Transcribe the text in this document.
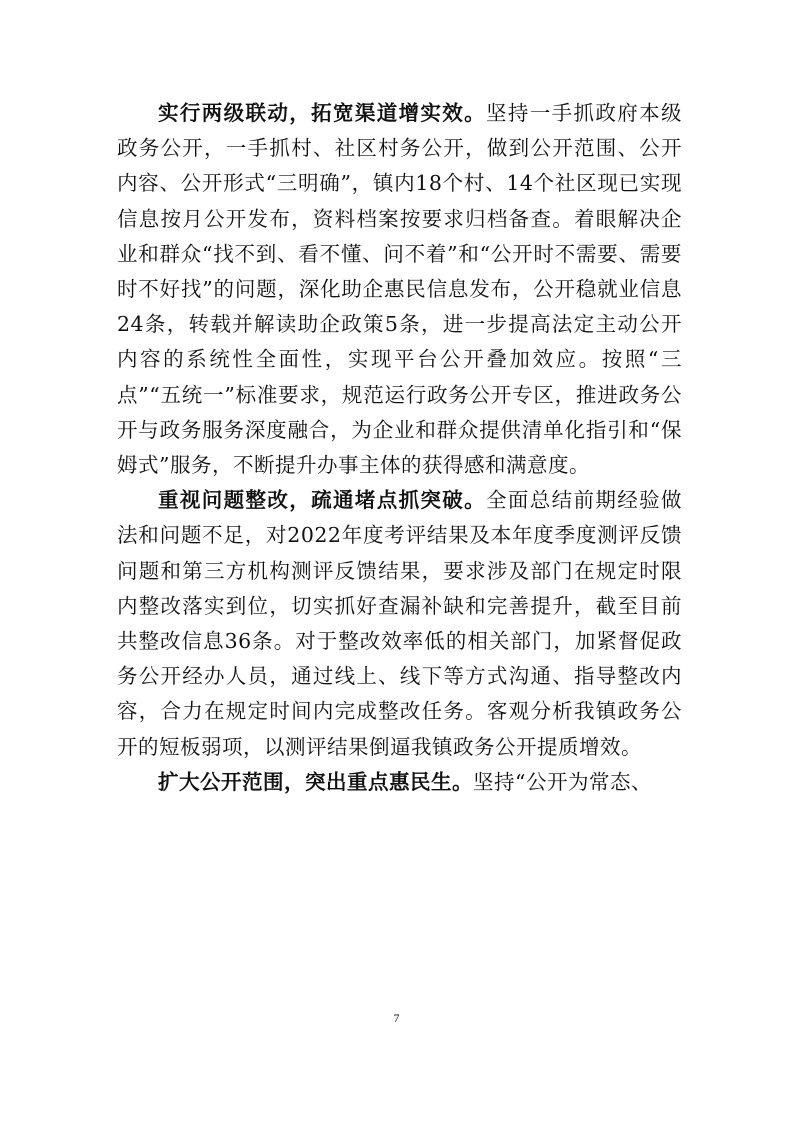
实行两级联动，拓宽渠道增实效。坚持一手抓政府本级政务公开，一手抓村、社区村务公开，做到公开范围、公开内容、公开形式“三明确”，镇内18个村、14个社区现已实现信息按月公开发布，资料档案按要求归档备查。着眼解决企业和群众“找不到、看不懂、问不着”和“公开时不需要、需要时不好找”的问题，深化助企惠民信息发布，公开稳就业信息24条，转载并解读助企政策5条，进一步提高法定主动公开内容的系统性全面性，实现平台公开叠加效应。按照“三点”“五统一”标准要求，规范运行政务公开专区，推进政务公开与政务服务深度融合，为企业和群众提供清单化指引和“保姆式”服务，不断提升办事主体的获得感和满意度。

重视问题整改，疏通堵点抓突破。全面总结前期经验做法和问题不足，对2022年度考评结果及本年度季度测评反馈问题和第三方机构测评反馈结果，要求涉及部门在规定时限内整改落实到位，切实抓好查漏补缺和完善提升，截至目前共整改信息36条。对于整改效率低的相关部门，加紧督促政务公开经办人员，通过线上、线下等方式沟通、指导整改内容，合力在规定时间内完成整改任务。客观分析我镇政务公开的短板弱项，以测评结果倒逼我镇政务公开提质增效。

扩大公开范围，突出重点惠民生。坚持“公开为常态、

7
